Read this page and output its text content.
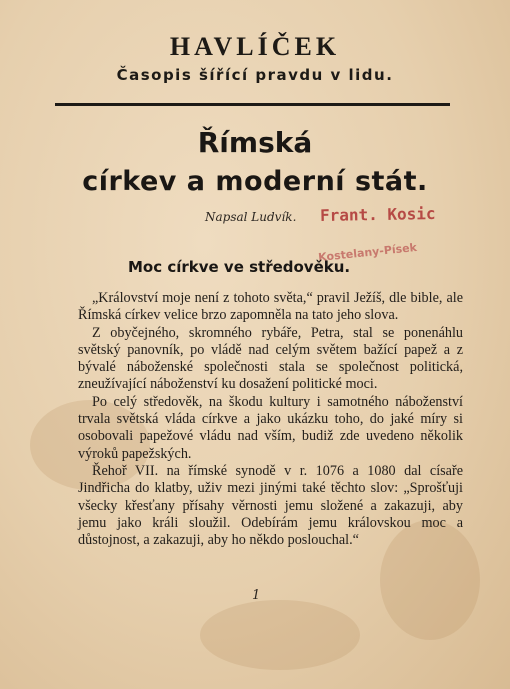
HAVLÍČEK
Časopis šířící pravdu v lidu.
Římská
církev a moderní stát.
Napsal Ludvík. Frant. Kosic
Kostelany-Písek
Moc církve ve středověku.

„Království moje není z tohoto světa,“ pravil Ježíš, dle bible, ale Římská církev velice brzo zapomněla na tato jeho slova.

Z obyčejného, skromného rybáře, Petra, stal se ponenáhlu světský panovník, po vládě nad celým světem bažící papež a z bývalé náboženské společnosti stala se společnost politická, zneužívající náboženství ku dosažení politické moci.

Po celý středověk, na škodu kultury i samotného náboženství trvala světská vláda církve a jako ukázku toho, do jaké míry si osobovali papežové vládu nad vším, budiž zde uvedeno několik výroků papežských.

Řehoř VII. na římské synodě v r. 1076 a 1080 dal císaře Jindřicha do klatby, uživ mezi jinými také těchto slov: „Sprošťuji všecky křesťany přísahy věrnosti jemu složené a zakazuji, aby jemu jako králi sloužil. Odebírám jemu královskou moc a důstojnost, a zakazuji, aby ho někdo poslouchal.“

1
